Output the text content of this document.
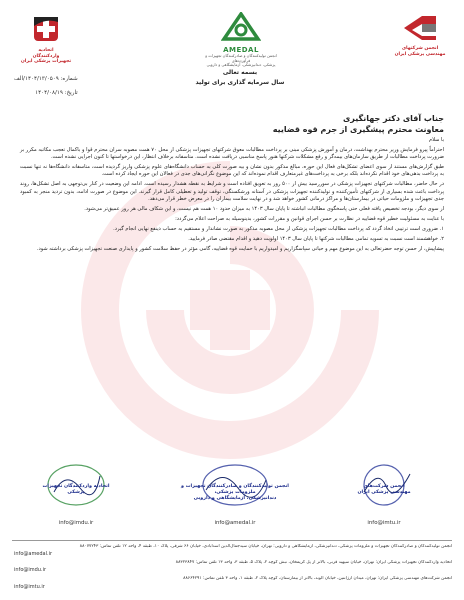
اتحادیه
واردکنندگان
تجهیزات پزشکی ایران
AMEDAL
انجمن تولیدکنندگان و صادرکنندگان تجهیزات و فرآورده‌های
پزشکی، دندانپزشکی، آزمایشگاهی و دارویی
انجمن شرکتهای
مهندسی پزشکی ایران
شماره: ۱۴۰۴/۱۳/۰۵۰۹/الف
تاریخ: ۱۴۰۴/۰۸/۱۹
بسمه تعالی
سال سرمایه گذاری برای تولید

جناب آقای دکتر جهانگیری

معاونت محترم پیشگیری از جرم قوه قضاییه

با سلام

احتراماً پیرو فرمایش وزیر محترم بهداشت، درمان و آموزش پزشکی مبنی بر پرداخت مطالبات معوق شرکتهای تجهیزات پزشکی از محل ۷۰ همت مصوبه سران محترم قوا و باکمال تعجب مکاتبه مکرر بر ضرورت پرداخت مطالبات از طریق سازمان‌های بیمه‌گر و رفع مشکلات شرکتها هنوز پاسخ مناسبی دریافت نشده است. متاسفانه برخلاف انتظار، این درخواستها تا کنون اجرایی نشده است.

طبق گزارش‌های مستند از سوی اعضای تشکل‌های فعال این حوزه، مبالغ مذکور بدون نشان و بیه صورت کلی به حساب دانشگاه‌های علوم پزشکی واریز گردیده است، متاسفانه دانشگاه‌ها نه تنها نسبت به پرداخت بدهی‌های خود اقدام نکرده‌اند بلکه برخی به پرداخت‌های غیرمتعارف اقدام نموده‌اند که این موضوع نگرانی‌های جدی در فعالان این حوزه ایجاد کرده است.

در حال حاضر، مطالبات شرکتهای تجهیزات پزشکی در سوررسید بیش از ۵۰۰ روز به تعویق افتاده است و شرایط به نقطه هشدار رسیده است. ادامه این وضعیت در کنار بی‌توجهی به اصل تشکل‌ها، روند پرداخت باعث شده بسیاری از شرکتهای تأمین‌کننده و تولیدکننده تجهیزات پزشکی در آستانه ورشکستگی، توقف تولید و تعطیلی کامل قرار گیرند. این موضوع در صورت ادامه، بدون تردید منجر به کمبود جدی تجهیزات و ملزومات حیاتی در بیمارستان‌ها و مراکز درمانی کشور خواهد شد و در نهایت سلامت بیماران را در معرض خطر قرار می‌دهد.

از سوی دیگر، بودجه تخصیص یافته فعلی حتی پاسخگوی مطالبات انباشته تا پایان سال ۱۴۰۳ به میزان حدود ۱۰ همت هم نیست، و این شکاف مالی هر روز عمیق‌تر می‌شود.

با عنایت به مسئولیت خطیر قوه قضاییه در نظارت بر حسن اجرای قوانین و مقررات کشور، بدینوسیله به صراحت اعلام می‌گردد:

۱. ضروری است ترتیبی اتخاذ گردد که پرداخت مطالبات تجهیزات پزشکی از محل مصوبه مذکور به صورت نشاندار و مستقیم به حساب ذینفع نهایی انجام گیرد.

۲. خواهشمند است نسبت به تسویه تمامی مطالبات شرکتها تا پایان سال ۱۴۰۳ اولویت دهید و اقدام مقتضی صادر فرمایید.

پیشاپیش، از حسن توجه حضرتعالی به این موضوع مهم و حیاتی سپاسگزاریم و امیدواریم با حمایت قوه قضاییه، گامی مؤثر در حفظ سلامت کشور و پایداری صنعت تجهیزات پزشکی برداشته شود.

اتحادیه واردکنندگان تجهیزات
پزشکی
info@imdu.ir
انجمن تولیدکنندگان و صادرکنندگان تجهیزات و ملزومات پزشکی،
دندانپزشکی، آزمایشگاهی و دارویی
info@amedal.ir
انجمن شرکت‌های
مهندسی پزشکی ایران
info@imtu.ir
انجمن تولیدکنندگان و صادرکنندگان تجهیزات و ملزومات پزشکی، دندانپزشکی، آزمایشگاهی و دارویی: تهران، خیابان سیدجمال‌الدین اسدآبادی، خیابان ۶۶ شرقی، پلاک ۱۰، طبقه ۴، واحد ۱۲ تلفن تماس: ۸۸۰۷۷۲۴۳
info@amedal.ir
اتحادیه واردکنندگان تجهیزات پزشکی ایران: تهران، خیابان سپهبد قرنی، بالاتر از پل کریمخان، نبش کوچه ۲، پلاک ۵، طبقه ۳، واحد ۱۳ تلفن تماس: ۸۸۳۲۳۸۴۷
info@imdu.ir
انجمن شرکت‌های مهندسی پزشکی ایران: تهران، میدان آرژانتین، خیابان الوند، بالاتر از بیمارستان، کوچه پلاک ۲، طبقه ۱، واحد ۳ تلفن تماس: ۸۸۶۶۴۲۹۱
info@imtu.ir
